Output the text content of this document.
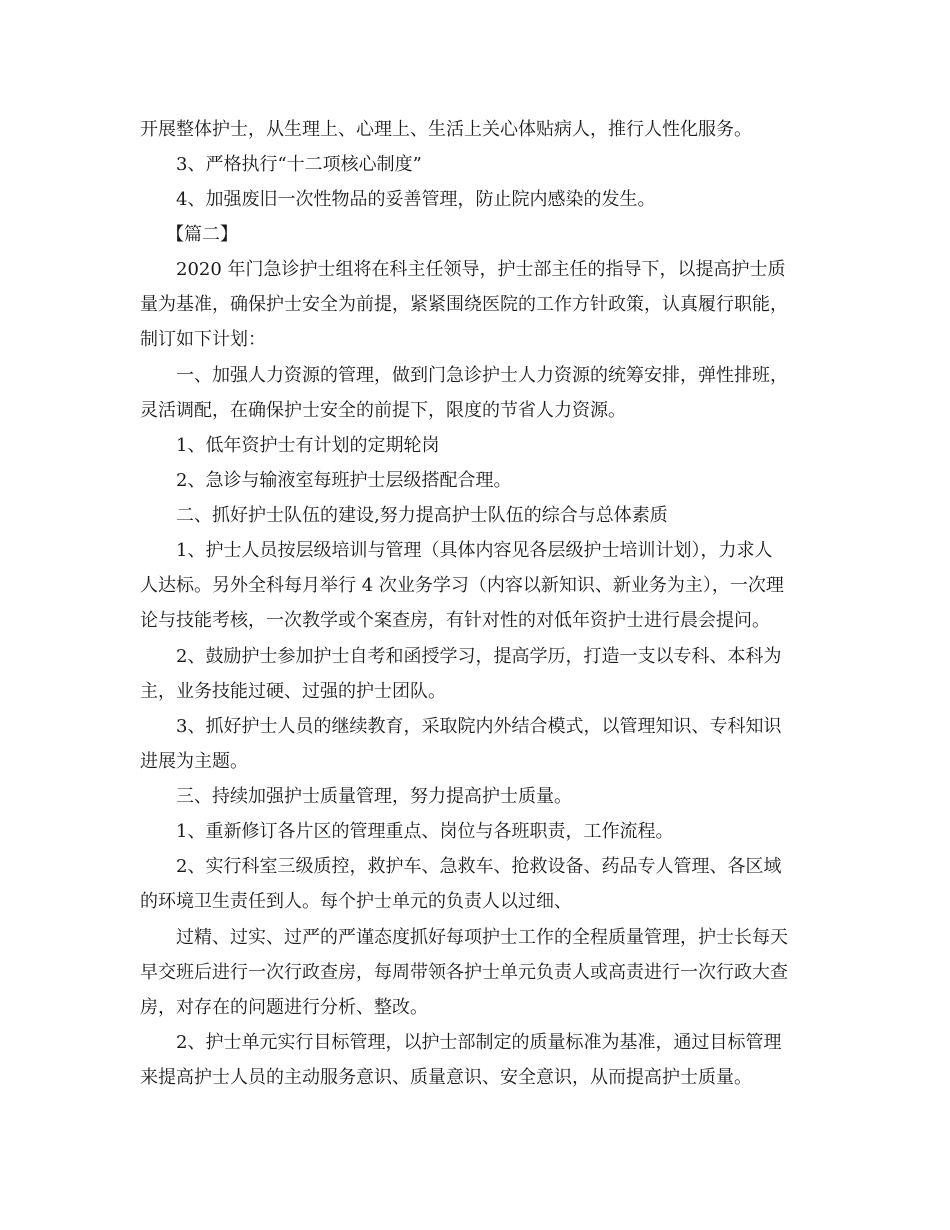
开展整体护士，从生理上、心理上、生活上关心体贴病人，推行人性化服务。
3、严格执行“十二项核心制度”
4、加强废旧一次性物品的妥善管理，防止院内感染的发生。
【篇二】
2020 年门急诊护士组将在科主任领导，护士部主任的指导下，以提高护士质
量为基准，确保护士安全为前提，紧紧围绕医院的工作方针政策，认真履行职能，
制订如下计划：
一、加强人力资源的管理，做到门急诊护士人力资源的统筹安排，弹性排班，
灵活调配，在确保护士安全的前提下，限度的节省人力资源。
1、低年资护士有计划的定期轮岗
2、急诊与输液室每班护士层级搭配合理。
二、抓好护士队伍的建设,努力提高护士队伍的综合与总体素质
1、护士人员按层级培训与管理（具体内容见各层级护士培训计划），力求人
人达标。另外全科每月举行 4 次业务学习（内容以新知识、新业务为主），一次理
论与技能考核，一次教学或个案查房，有针对性的对低年资护士进行晨会提问。
2、鼓励护士参加护士自考和函授学习，提高学历，打造一支以专科、本科为
主，业务技能过硬、过强的护士团队。
3、抓好护士人员的继续教育，采取院内外结合模式，以管理知识、专科知识
进展为主题。
三、持续加强护士质量管理，努力提高护士质量。
1、重新修订各片区的管理重点、岗位与各班职责，工作流程。
2、实行科室三级质控，救护车、急救车、抢救设备、药品专人管理、各区域
的环境卫生责任到人。每个护士单元的负责人以过细、
过精、过实、过严的严谨态度抓好每项护士工作的全程质量管理，护士长每天
早交班后进行一次行政查房，每周带领各护士单元负责人或高责进行一次行政大查
房，对存在的问题进行分析、整改。
2、护士单元实行目标管理，以护士部制定的质量标准为基准，通过目标管理
来提高护士人员的主动服务意识、质量意识、安全意识，从而提高护士质量。
